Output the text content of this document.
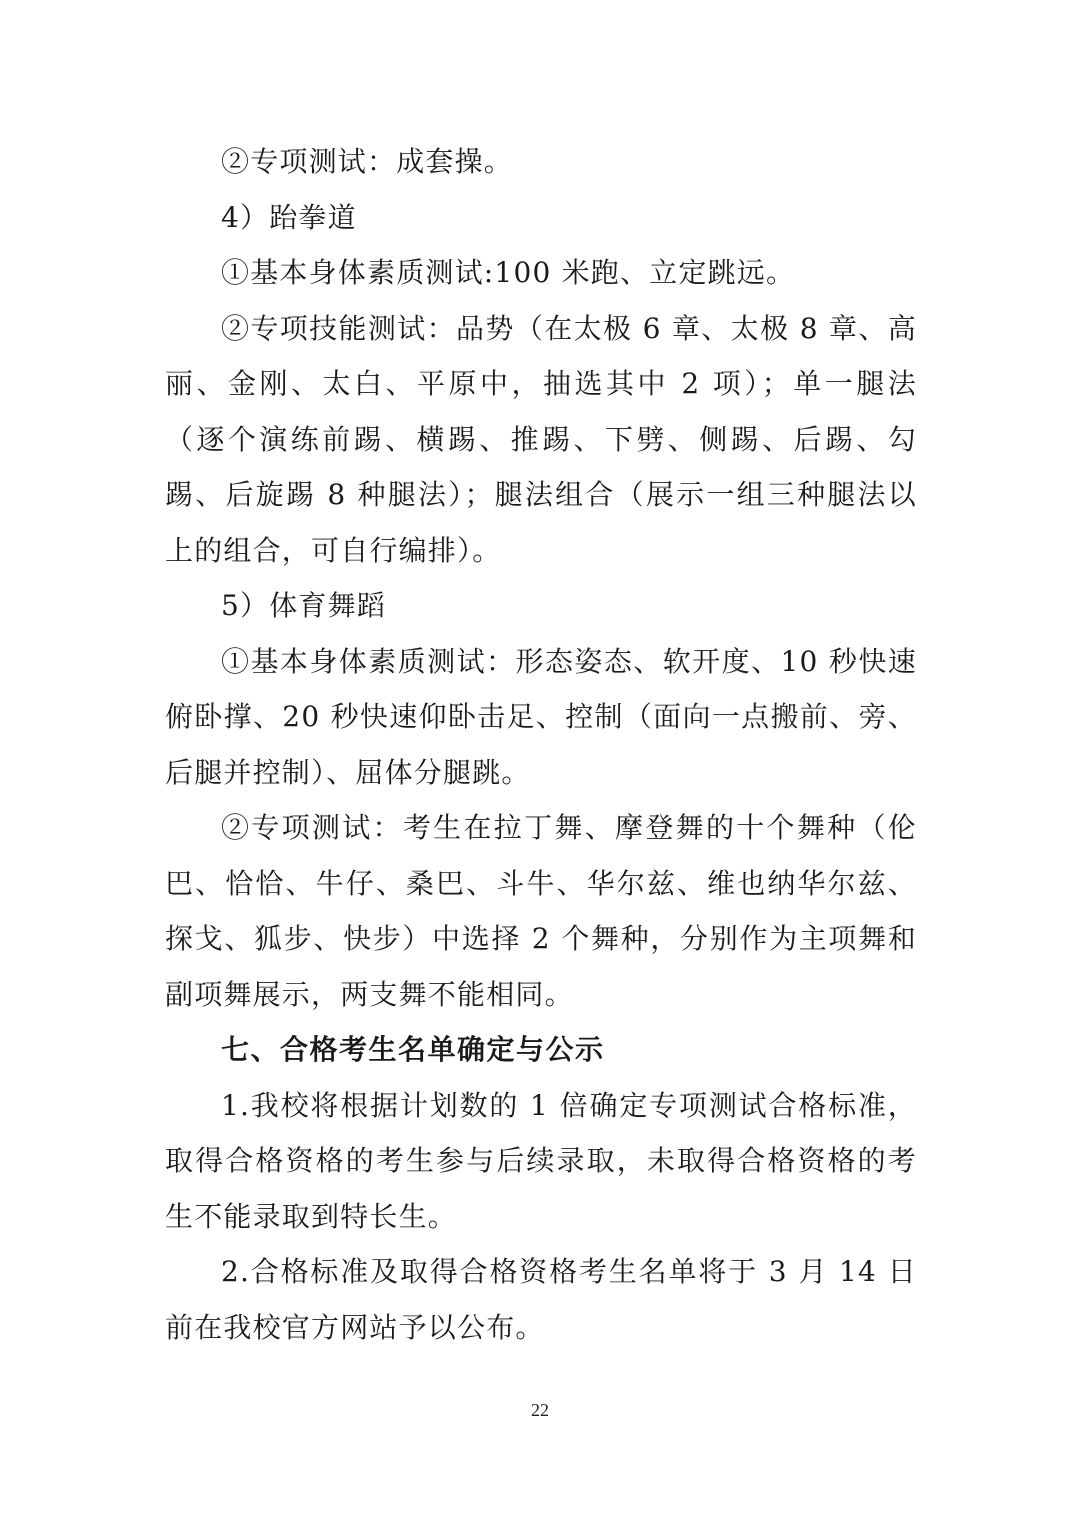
②专项测试：成套操。

4）跆拳道

①基本身体素质测试:100 米跑、立定跳远。

②专项技能测试：品势（在太极 6 章、太极 8 章、高丽、金刚、太白、平原中，抽选其中 2 项）；单一腿法（逐个演练前踢、横踢、推踢、下劈、侧踢、后踢、勾踢、后旋踢 8 种腿法）；腿法组合（展示一组三种腿法以上的组合，可自行编排）。

5）体育舞蹈

①基本身体素质测试：形态姿态、软开度、10 秒快速俯卧撑、20 秒快速仰卧击足、控制（面向一点搬前、旁、后腿并控制）、屈体分腿跳。

②专项测试：考生在拉丁舞、摩登舞的十个舞种（伦巴、恰恰、牛仔、桑巴、斗牛、华尔兹、维也纳华尔兹、探戈、狐步、快步）中选择 2 个舞种，分别作为主项舞和副项舞展示，两支舞不能相同。

七、合格考生名单确定与公示

1.我校将根据计划数的 1 倍确定专项测试合格标准，取得合格资格的考生参与后续录取，未取得合格资格的考生不能录取到特长生。

2.合格标准及取得合格资格考生名单将于 3 月 14 日前在我校官方网站予以公布。

22
